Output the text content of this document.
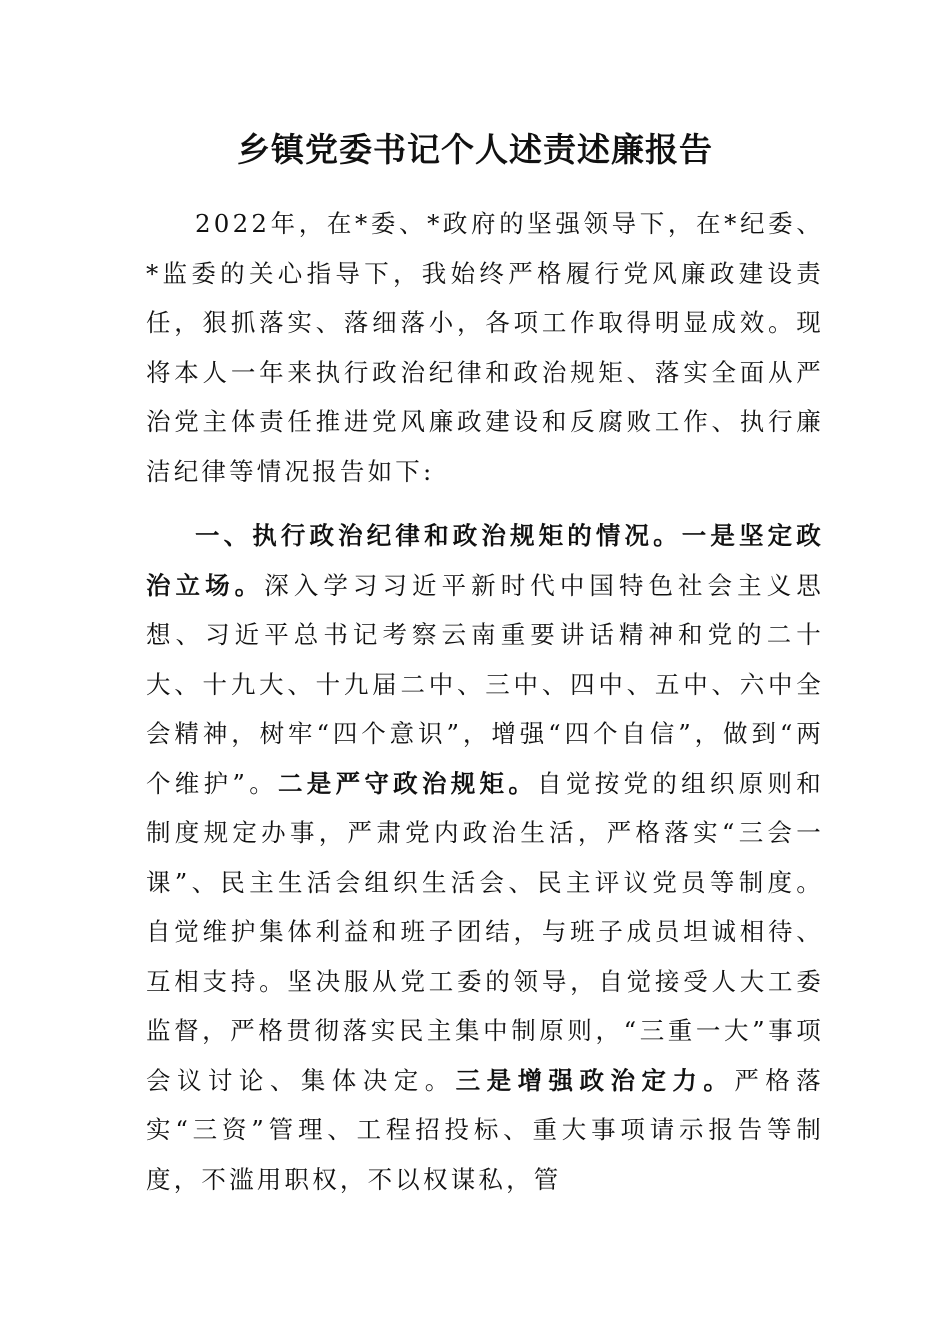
乡镇党委书记个人述责述廉报告

2022年，在*委、*政府的坚强领导下，在*纪委、*监委的关心指导下，我始终严格履行党风廉政建设责任，狠抓落实、落细落小，各项工作取得明显成效。现将本人一年来执行政治纪律和政治规矩、落实全面从严治党主体责任推进党风廉政建设和反腐败工作、执行廉洁纪律等情况报告如下:

一、执行政治纪律和政治规矩的情况。一是坚定政治立场。深入学习习近平新时代中国特色社会主义思想、习近平总书记考察云南重要讲话精神和党的二十大、十九大、十九届二中、三中、四中、五中、六中全会精神，树牢“四个意识”，增强“四个自信”，做到“两个维护”。二是严守政治规矩。自觉按党的组织原则和制度规定办事，严肃党内政治生活，严格落实“三会一课”、民主生活会组织生活会、民主评议党员等制度。自觉维护集体利益和班子团结，与班子成员坦诚相待、互相支持。坚决服从党工委的领导，自觉接受人大工委监督，严格贯彻落实民主集中制原则，“三重一大”事项会议讨论、集体决定。三是增强政治定力。严格落实“三资”管理、工程招投标、重大事项请示报告等制度，不滥用职权，不以权谋私，管
